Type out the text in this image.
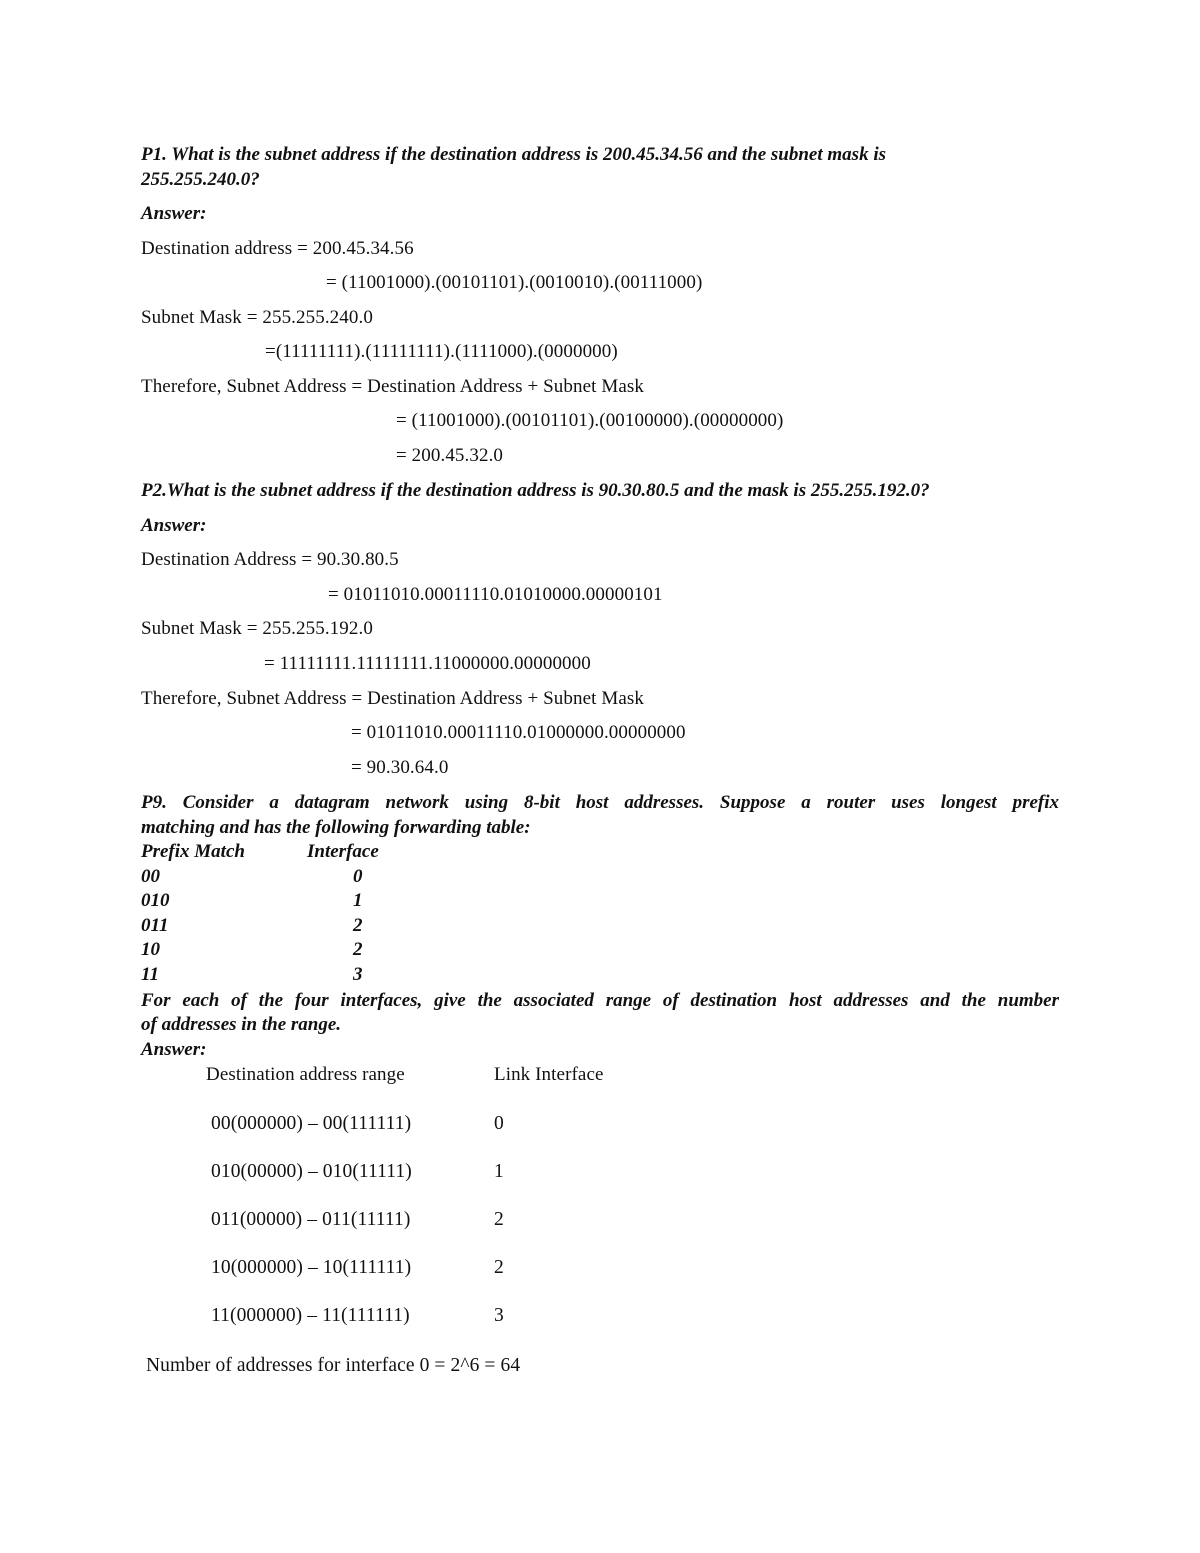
P1. What is the subnet address if the destination address is 200.45.34.56 and the subnet mask is
255.255.240.0?
Answer:
Destination address = 200.45.34.56
= (11001000).(00101101).(0010010).(00111000)
Subnet Mask = 255.255.240.0
=(11111111).(11111111).(1111000).(0000000)
Therefore, Subnet Address = Destination Address + Subnet Mask
= (11001000).(00101101).(00100000).(00000000)
= 200.45.32.0
P2.What is the subnet address if the destination address is 90.30.80.5 and the mask is 255.255.192.0?
Answer:
Destination Address = 90.30.80.5
= 01011010.00011110.01010000.00000101
Subnet Mask = 255.255.192.0
= 11111111.11111111.11000000.00000000
Therefore, Subnet Address = Destination Address + Subnet Mask
= 01011010.00011110.01000000.00000000
= 90.30.64.0
P9. Consider a datagram network using 8-bit host addresses. Suppose a router uses longest prefix
matching and has the following forwarding table:
Prefix Match	Interface
00	0
010	1
011	2
10	2
11	3
For each of the four interfaces, give the associated range of destination host addresses and the number
of addresses in the range.
Answer:
Destination address range	Link Interface
00(000000) – 00(111111)	0
010(00000) – 010(11111)	1
011(00000) – 011(11111)	2
10(000000) – 10(111111)	2
11(000000) – 11(111111)	3
Number of addresses for interface 0 = 2^6 = 64
